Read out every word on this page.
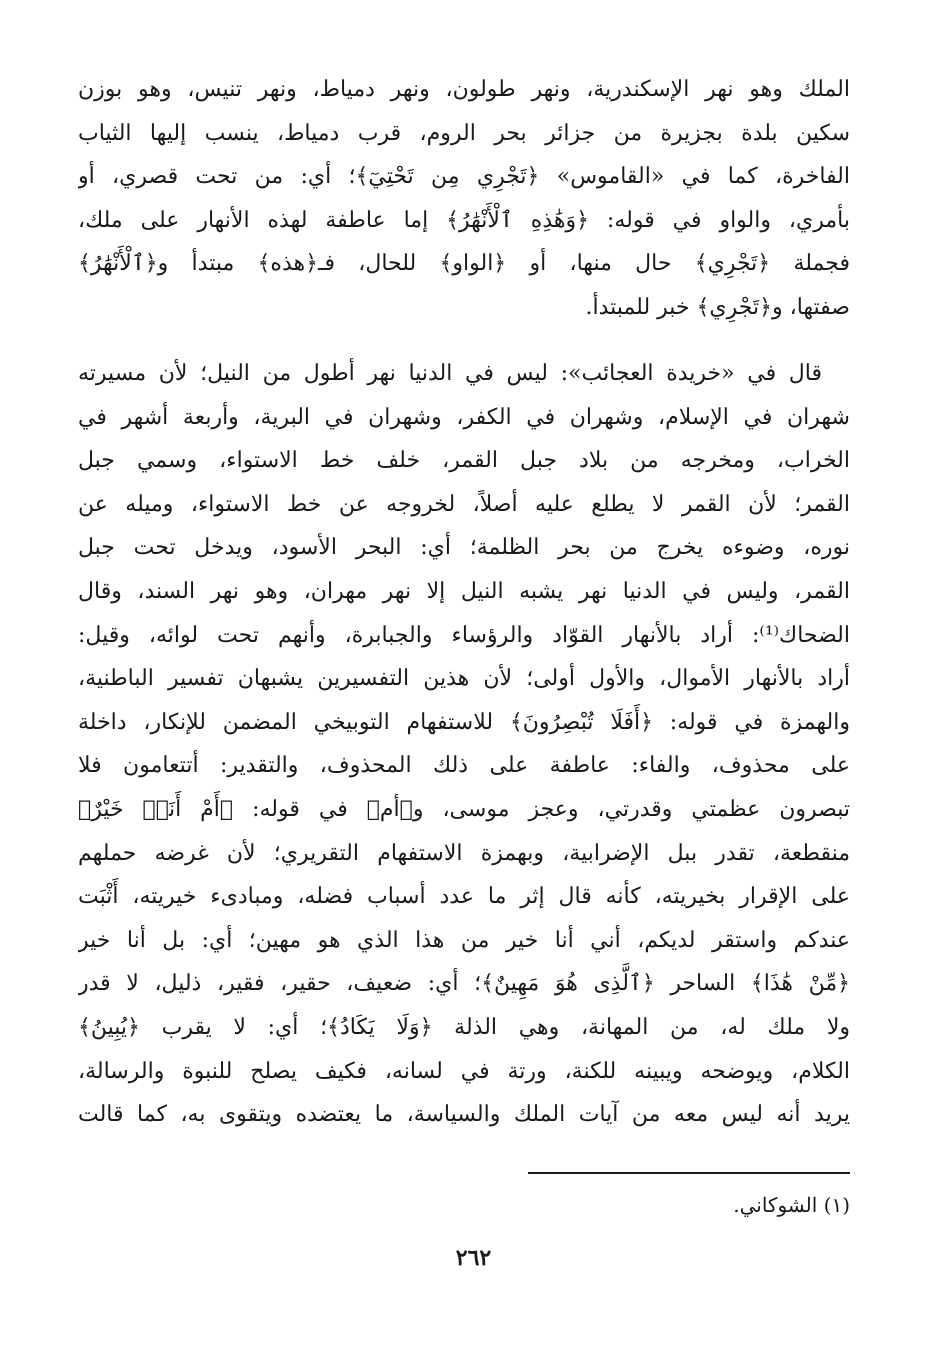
الملك وهو نهر الإسكندرية، ونهر طولون، ونهر دمياط، ونهر تنيس، وهو بوزن
سكين بلدة بجزيرة من جزائر بحر الروم، قرب دمياط، ينسب إليها الثياب
الفاخرة، كما في «القاموس» ﴿تَجْرِي مِن تَحْتِيٓ﴾؛ أي: من تحت قصري، أو
بأمري، والواو في قوله: ﴿وَهَٰذِهِ ٱلْأَنْهَٰرُ﴾ إما عاطفة لهذه الأنهار على ملك،
فجملة ﴿تَجْرِي﴾ حال منها، أو ﴿الواو﴾ للحال، فـ﴿هذه﴾ مبتدأ و﴿ٱلْأَنْهَٰرُ﴾
صفتها، و﴿تَجْرِي﴾ خبر للمبتدأ.
قال في «خريدة العجائب»: ليس في الدنيا نهر أطول من النيل؛ لأن مسيرته
شهران في الإسلام، وشهران في الكفر، وشهران في البرية، وأربعة أشهر في
الخراب، ومخرجه من بلاد جبل القمر، خلف خط الاستواء، وسمي جبل
القمر؛ لأن القمر لا يطلع عليه أصلاً، لخروجه عن خط الاستواء، وميله عن
نوره، وضوءه يخرج من بحر الظلمة؛ أي: البحر الأسود، ويدخل تحت جبل
القمر، وليس في الدنيا نهر يشبه النيل إلا نهر مهران، وهو نهر السند، وقال
الضحاك⁽¹⁾: أراد بالأنهار القوّاد والرؤساء والجبابرة، وأنهم تحت لوائه، وقيل:
أراد بالأنهار الأموال، والأول أولى؛ لأن هذين التفسيرين يشبهان تفسير الباطنية،
والهمزة في قوله: ﴿أَفَلَا تُبْصِرُونَ﴾ للاستفهام التوبيخي المضمن للإنكار، داخلة
على محذوف، والفاء: عاطفة على ذلك المحذوف، والتقدير: أتتعامون فلا
تبصرون عظمتي وقدرتي، وعجز موسى، و﴿أم﴾ في قوله: ﴿أَمْ أَنَا۠ خَيْرٌ﴾
منقطعة، تقدر ببل الإضرابية، وبهمزة الاستفهام التقريري؛ لأن غرضه حملهم
على الإقرار بخيريته، كأنه قال إثر ما عدد أسباب فضله، ومبادىء خيريته، أَثْبَت
عندكم واستقر لديكم، أني أنا خير من هذا الذي هو مهين؛ أي: بل أنا خير
﴿مِّنْ هَٰذَا﴾ الساحر ﴿ٱلَّذِى هُوَ مَهِينٌ﴾؛ أي: ضعيف، حقير، فقير، ذليل، لا قدر
ولا ملك له، من المهانة، وهي الذلة ﴿وَلَا يَكَادُ﴾؛ أي: لا يقرب ﴿يُبِينُ﴾
الكلام، ويوضحه ويبينه للكنة، ورتة في لسانه، فكيف يصلح للنبوة والرسالة،
يريد أنه ليس معه من آيات الملك والسياسة، ما يعتضده ويتقوى به، كما قالت
(١) الشوكاني.
٢٦٢
